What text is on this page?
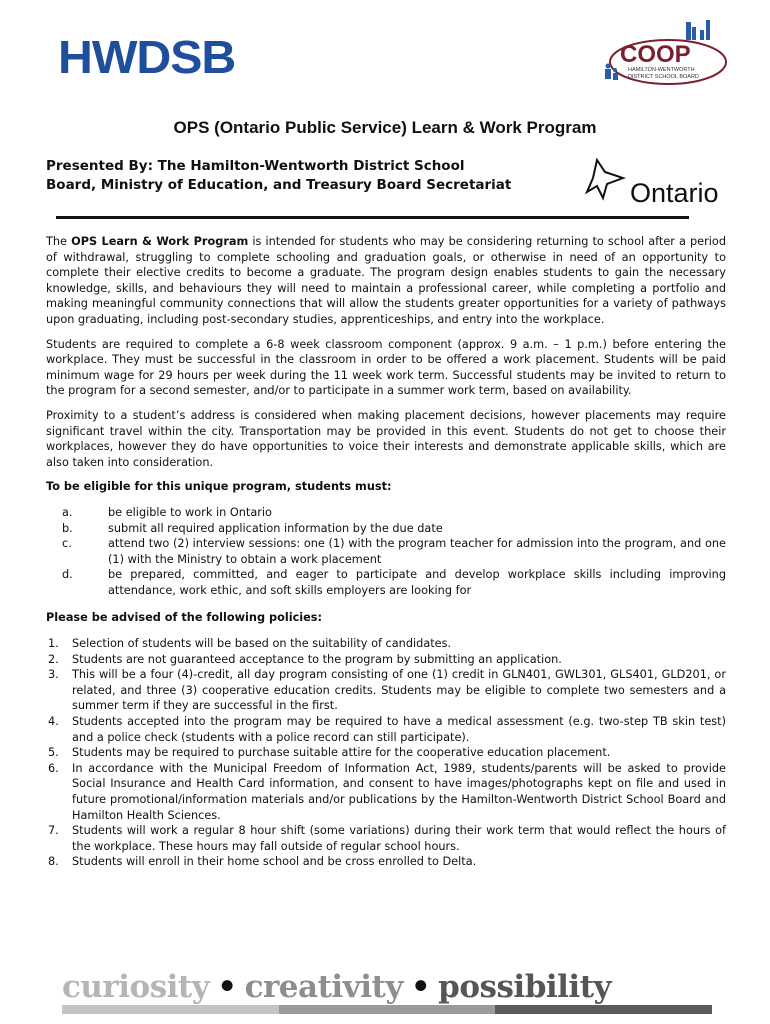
HWDSB	COOP
HAMILTON-WENTWORTH
DISTRICT SCHOOL BOARD
OPS (Ontario Public Service) Learn & Work Program
Presented By: The Hamilton-Wentworth District School
Board, Ministry of Education, and Treasury Board Secretariat	Ontario

The OPS Learn & Work Program is intended for students who may be considering returning to school after a period of withdrawal, struggling to complete schooling and graduation goals, or otherwise in need of an opportunity to complete their elective credits to become a graduate. The program design enables students to gain the necessary knowledge, skills, and behaviours they will need to maintain a professional career, while completing a portfolio and making meaningful community connections that will allow the students greater opportunities for a variety of pathways upon graduating, including post-secondary studies, apprenticeships, and entry into the workplace.

Students are required to complete a 6-8 week classroom component (approx. 9 a.m. – 1 p.m.) before entering the workplace. They must be successful in the classroom in order to be offered a work placement. Students will be paid minimum wage for 29 hours per week during the 11 week work term. Successful students may be invited to return to the program for a second semester, and/or to participate in a summer work term, based on availability.

Proximity to a student’s address is considered when making placement decisions, however placements may require significant travel within the city. Transportation may be provided in this event. Students do not get to choose their workplaces, however they do have opportunities to voice their interests and demonstrate applicable skills, which are also taken into consideration.

To be eligible for this unique program, students must:
a.	be eligible to work in Ontario
b.	submit all required application information by the due date
c.	attend two (2) interview sessions: one (1) with the program teacher for admission into the program, and one (1) with the Ministry to obtain a work placement
d.	be prepared, committed, and eager to participate and develop workplace skills including improving attendance, work ethic, and soft skills employers are looking for
Please be advised of the following policies:
1.	Selection of students will be based on the suitability of candidates.
2.	Students are not guaranteed acceptance to the program by submitting an application.
3.	This will be a four (4)-credit, all day program consisting of one (1) credit in GLN401, GWL301, GLS401, GLD201, or related, and three (3) cooperative education credits. Students may be eligible to complete two semesters and a summer term if they are successful in the first.
4.	Students accepted into the program may be required to have a medical assessment (e.g. two-step TB skin test) and a police check (students with a police record can still participate).
5.	Students may be required to purchase suitable attire for the cooperative education placement.
6.	In accordance with the Municipal Freedom of Information Act, 1989, students/parents will be asked to provide Social Insurance and Health Card information, and consent to have images/photographs kept on file and used in future promotional/information materials and/or publications by the Hamilton-Wentworth District School Board and Hamilton Health Sciences.
7.	Students will work a regular 8 hour shift (some variations) during their work term that would reflect the hours of the workplace. These hours may fall outside of regular school hours.
8.	Students will enroll in their home school and be cross enrolled to Delta.
curiosity • creativity • possibility
